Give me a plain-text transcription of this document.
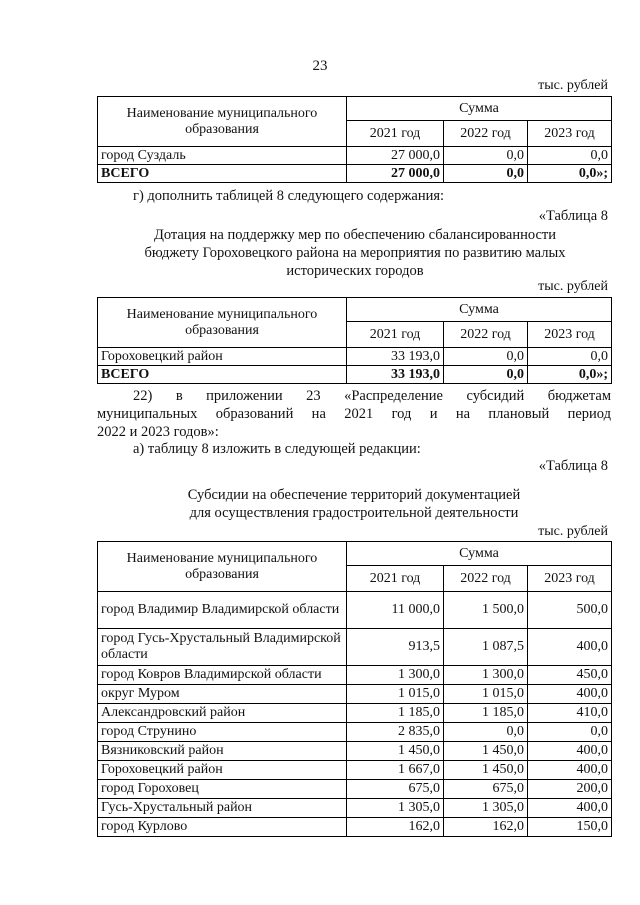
23
тыс. рублей
Наименование муниципального образования	Сумма		
	2021 год	2022 год	2023 год
город Суздаль	27 000,0	0,0	0,0
ВСЕГО	27 000,0	0,0	0,0»;
г) дополнить таблицей 8 следующего содержания:
«Таблица 8
Дотация на поддержку мер по обеспечению сбалансированности бюджету Гороховецкого района на мероприятия по развитию малых исторических городов
тыс. рублей
Наименование муниципального образования	Сумма		
	2021 год	2022 год	2023 год
Гороховецкий район	33 193,0	0,0	0,0
ВСЕГО	33 193,0	0,0	0,0»;
22) в приложении 23 «Распределение субсидий бюджетам
муниципальных образований на 2021 год и на плановый период
2022 и 2023 годов»:
а) таблицу 8 изложить в следующей редакции:
«Таблица 8
Субсидии на обеспечение территорий документацией
для осуществления градостроительной деятельности
тыс. рублей
Наименование муниципального образования	Сумма		
	2021 год	2022 год	2023 год
город Владимир Владимирской области	11 000,0	1 500,0	500,0
город Гусь-Хрустальный Владимирской области	913,5	1 087,5	400,0
город Ковров Владимирской области	1 300,0	1 300,0	450,0
округ Муром	1 015,0	1 015,0	400,0
Александровский район	1 185,0	1 185,0	410,0
город Струнино	2 835,0	0,0	0,0
Вязниковский район	1 450,0	1 450,0	400,0
Гороховецкий район	1 667,0	1 450,0	400,0
город Гороховец	675,0	675,0	200,0
Гусь-Хрустальный район	1 305,0	1 305,0	400,0
город Курлово	162,0	162,0	150,0
